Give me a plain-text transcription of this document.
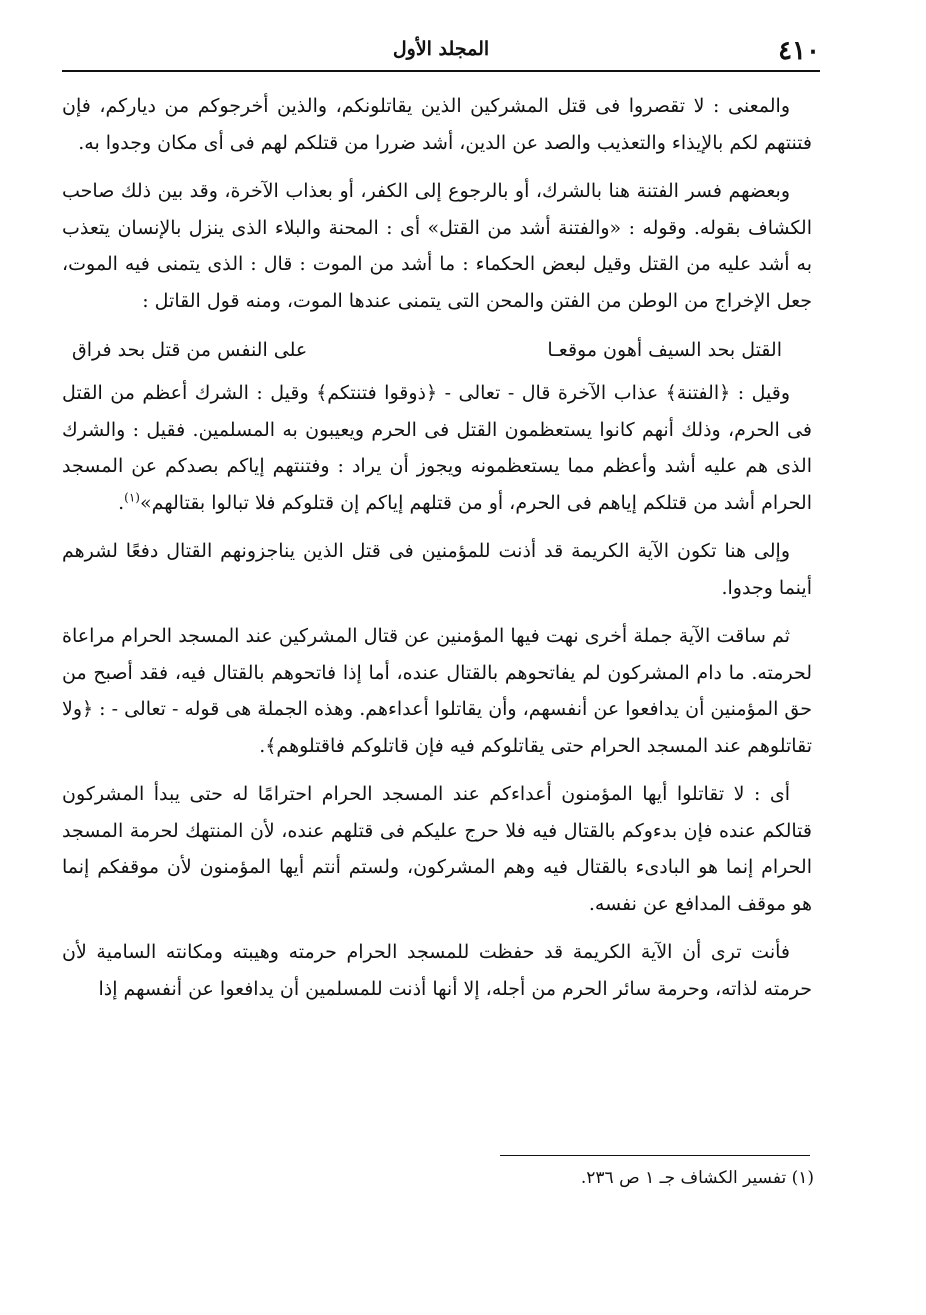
٤١٠
المجلد الأول

والمعنى : لا تقصروا فى قتل المشركين الذين يقاتلونكم، والذين أخرجوكم من دياركم، فإن فتنتهم لكم بالإيذاء والتعذيب والصد عن الدين، أشد ضررا من قتلكم لهم فى أى مكان وجدوا به.

وبعضهم فسر الفتنة هنا بالشرك، أو بالرجوع إلى الكفر، أو بعذاب الآخرة، وقد بين ذلك صاحب الكشاف بقوله. وقوله : «والفتنة أشد من القتل» أى : المحنة والبلاء الذى ينزل بالإنسان يتعذب به أشد عليه من القتل وقيل لبعض الحكماء : ما أشد من الموت : قال : الذى يتمنى فيه الموت، جعل الإخراج من الوطن من الفتن والمحن التى يتمنى عندها الموت، ومنه قول القاتل :

القتل بحد السيف أهون موقعـا
على النفس من قتل بحد فراق

وقيل : ﴿الفتنة﴾ عذاب الآخرة قال - تعالى - ﴿ذوقوا فتنتكم﴾ وقيل : الشرك أعظم من القتل فى الحرم، وذلك أنهم كانوا يستعظمون القتل فى الحرم ويعيبون به المسلمين. فقيل : والشرك الذى هم عليه أشد وأعظم مما يستعظمونه ويجوز أن يراد : وفتنتهم إياكم بصدكم عن المسجد الحرام أشد من قتلكم إياهم فى الحرم، أو من قتلهم إياكم إن قتلوكم فلا تبالوا بقتالهم»$^{(١)}$.

وإلى هنا تكون الآية الكريمة قد أذنت للمؤمنين فى قتل الذين يناجزونهم القتال دفعًا لشرهم أينما وجدوا.

ثم ساقت الآية جملة أخرى نهت فيها المؤمنين عن قتال المشركين عند المسجد الحرام مراعاة لحرمته. ما دام المشركون لم يفاتحوهم بالقتال عنده، أما إذا فاتحوهم بالقتال فيه، فقد أصبح من حق المؤمنين أن يدافعوا عن أنفسهم، وأن يقاتلوا أعداءهم. وهذه الجملة هى قوله - تعالى - : ﴿ولا تقاتلوهم عند المسجد الحرام حتى يقاتلوكم فيه فإن قاتلوكم فاقتلوهم﴾.

أى : لا تقاتلوا أيها المؤمنون أعداءكم عند المسجد الحرام احترامًا له حتى يبدأ المشركون قتالكم عنده فإن بدءوكم بالقتال فيه فلا حرج عليكم فى قتلهم عنده، لأن المنتهك لحرمة المسجد الحرام إنما هو البادىء بالقتال فيه وهم المشركون، ولستم أنتم أيها المؤمنون لأن موقفكم إنما هو موقف المدافع عن نفسه.

فأنت ترى أن الآية الكريمة قد حفظت للمسجد الحرام حرمته وهيبته ومكانته السامية لأن حرمته لذاته، وحرمة سائر الحرم من أجله، إلا أنها أذنت للمسلمين أن يدافعوا عن أنفسهم إذا

(١) تفسير الكشاف جـ ١ ص ٢٣٦.
